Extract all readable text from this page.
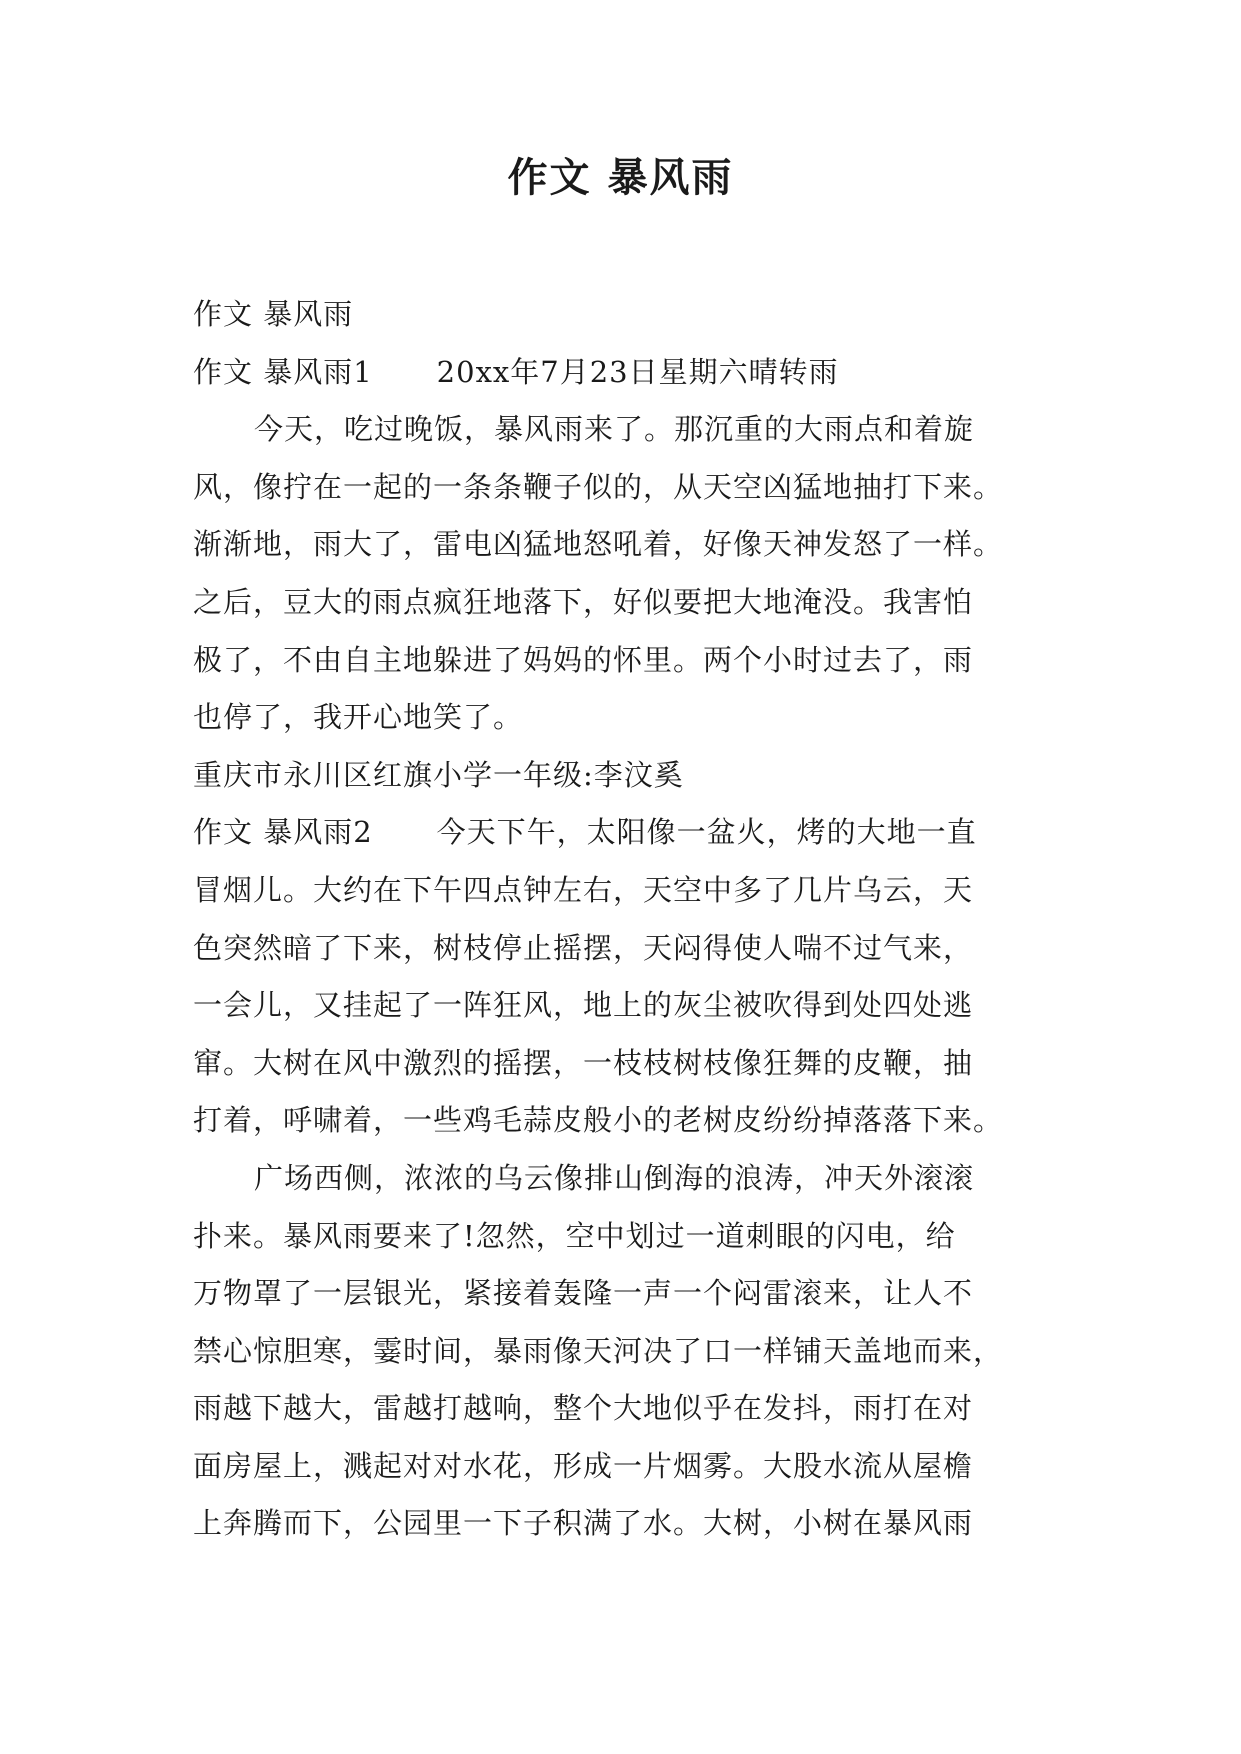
作文 暴风雨
作文 暴风雨
作文 暴风雨1 20xx年7月23日星期六晴转雨
今天，吃过晚饭，暴风雨来了。那沉重的大雨点和着旋
风，像拧在一起的一条条鞭子似的，从天空凶猛地抽打下来。
渐渐地，雨大了，雷电凶猛地怒吼着，好像天神发怒了一样。
之后，豆大的雨点疯狂地落下，好似要把大地淹没。我害怕
极了，不由自主地躲进了妈妈的怀里。两个小时过去了，雨
也停了，我开心地笑了。
重庆市永川区红旗小学一年级:李汶奚
作文 暴风雨2 今天下午，太阳像一盆火，烤的大地一直
冒烟儿。大约在下午四点钟左右，天空中多了几片乌云，天
色突然暗了下来，树枝停止摇摆，天闷得使人喘不过气来，
一会儿，又挂起了一阵狂风，地上的灰尘被吹得到处四处逃
窜。大树在风中激烈的摇摆，一枝枝树枝像狂舞的皮鞭，抽
打着，呼啸着，一些鸡毛蒜皮般小的老树皮纷纷掉落落下来。
广场西侧，浓浓的乌云像排山倒海的浪涛，冲天外滚滚
扑来。暴风雨要来了!忽然，空中划过一道刺眼的闪电，给
万物罩了一层银光，紧接着轰隆一声一个闷雷滚来，让人不
禁心惊胆寒，霎时间，暴雨像天河决了口一样铺天盖地而来，
雨越下越大，雷越打越响，整个大地似乎在发抖，雨打在对
面房屋上，溅起对对水花，形成一片烟雾。大股水流从屋檐
上奔腾而下，公园里一下子积满了水。大树，小树在暴风雨
